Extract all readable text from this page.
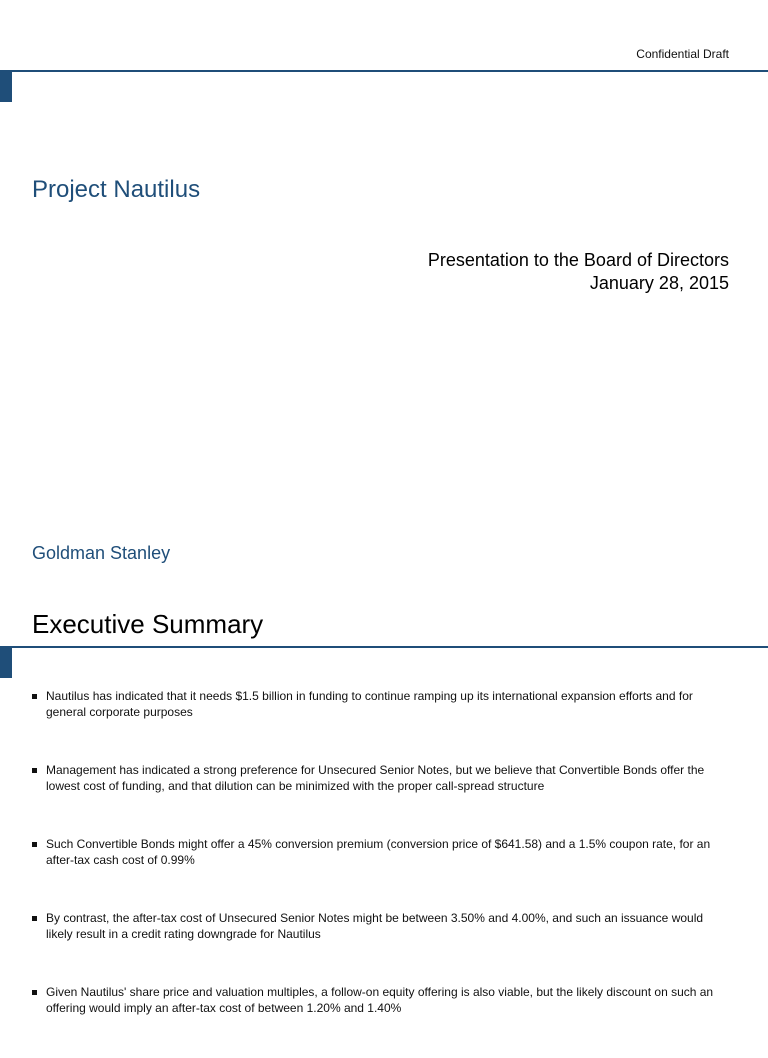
Confidential Draft
Project Nautilus
Presentation to the Board of Directors
January 28, 2015
Goldman Stanley
Executive Summary
Nautilus has indicated that it needs $1.5 billion in funding to continue ramping up its international expansion efforts and for general corporate purposes
Management has indicated a strong preference for Unsecured Senior Notes, but we believe that Convertible Bonds offer the lowest cost of funding, and that dilution can be minimized with the proper call-spread structure
Such Convertible Bonds might offer a 45% conversion premium (conversion price of $641.58) and a 1.5% coupon rate, for an after-tax cash cost of 0.99%
By contrast, the after-tax cost of Unsecured Senior Notes might be between 3.50% and 4.00%, and such an issuance would likely result in a credit rating downgrade for Nautilus
Given Nautilus' share price and valuation multiples, a follow-on equity offering is also viable, but the likely discount on such an offering would imply an after-tax cost of between 1.20% and 1.40%
